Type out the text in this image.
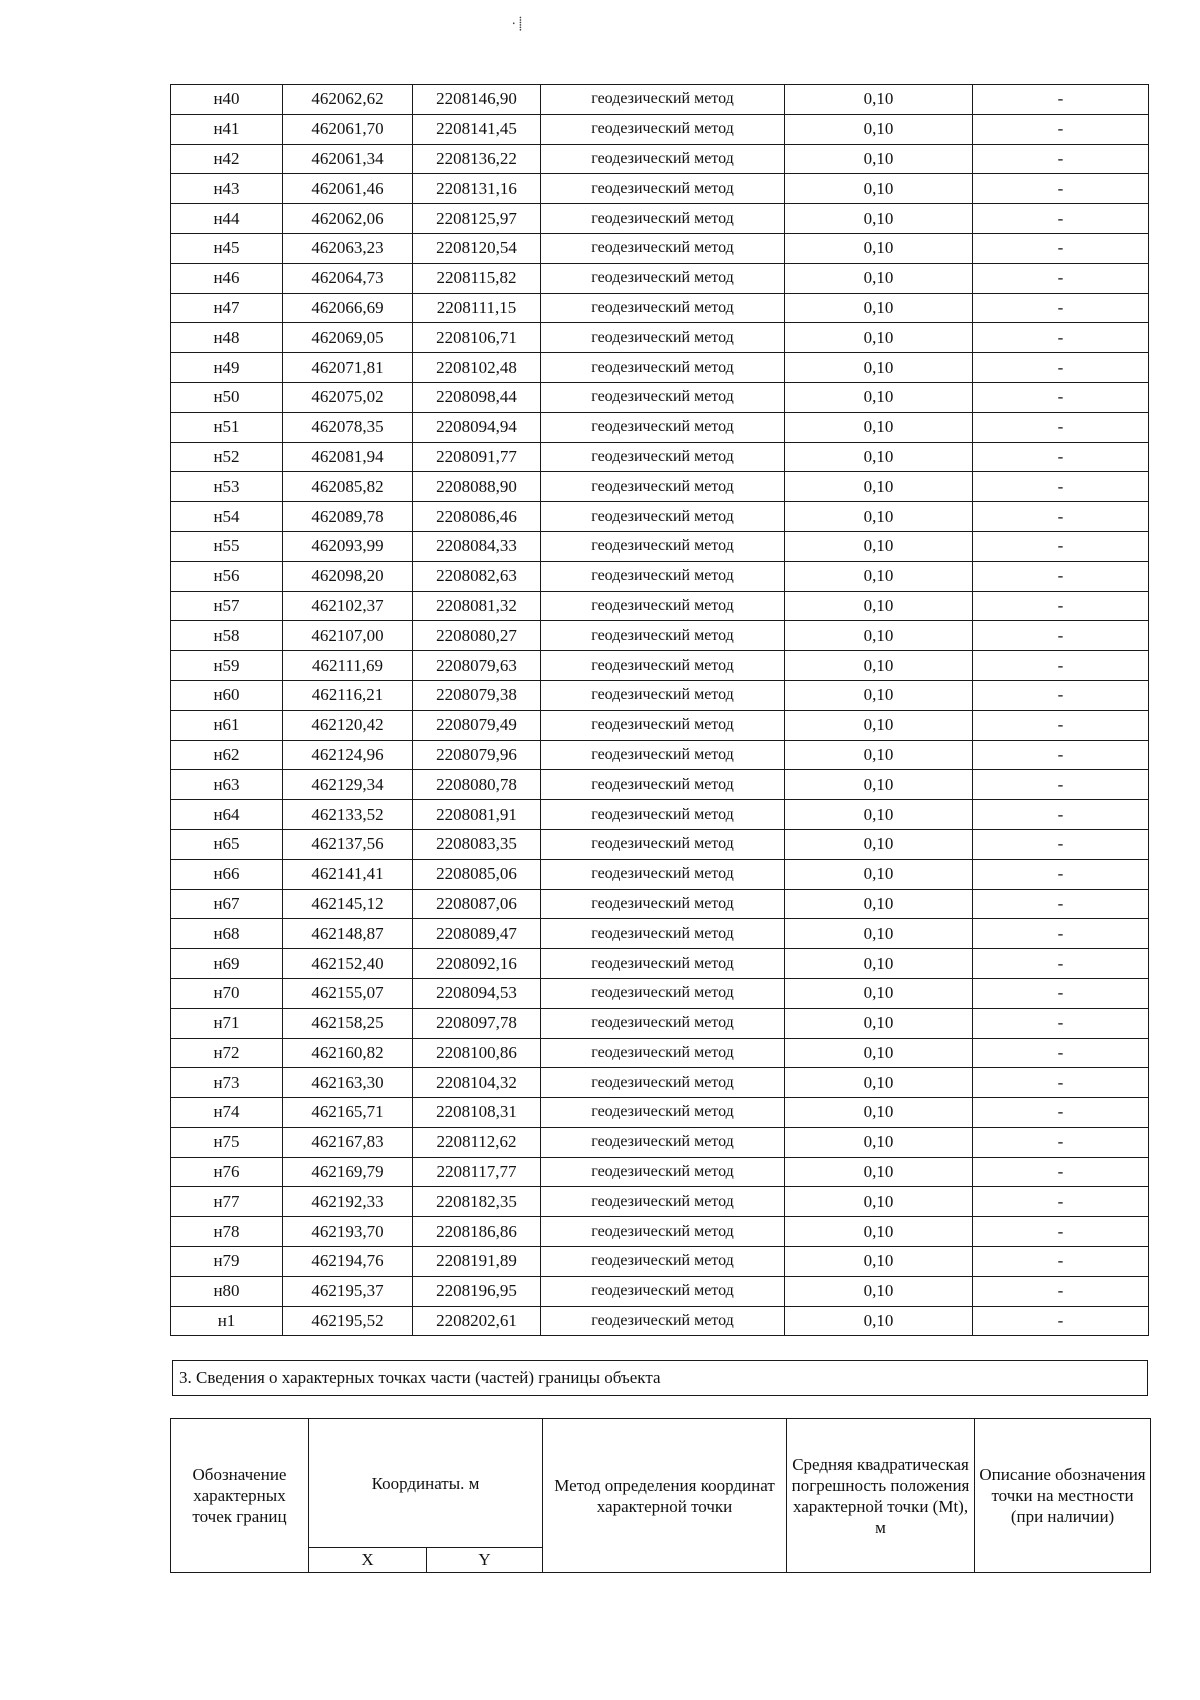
⸱ ⸽
н40	462062,62	2208146,90	геодезический метод	0,10	-
н41	462061,70	2208141,45	геодезический метод	0,10	-
н42	462061,34	2208136,22	геодезический метод	0,10	-
н43	462061,46	2208131,16	геодезический метод	0,10	-
н44	462062,06	2208125,97	геодезический метод	0,10	-
н45	462063,23	2208120,54	геодезический метод	0,10	-
н46	462064,73	2208115,82	геодезический метод	0,10	-
н47	462066,69	2208111,15	геодезический метод	0,10	-
н48	462069,05	2208106,71	геодезический метод	0,10	-
н49	462071,81	2208102,48	геодезический метод	0,10	-
н50	462075,02	2208098,44	геодезический метод	0,10	-
н51	462078,35	2208094,94	геодезический метод	0,10	-
н52	462081,94	2208091,77	геодезический метод	0,10	-
н53	462085,82	2208088,90	геодезический метод	0,10	-
н54	462089,78	2208086,46	геодезический метод	0,10	-
н55	462093,99	2208084,33	геодезический метод	0,10	-
н56	462098,20	2208082,63	геодезический метод	0,10	-
н57	462102,37	2208081,32	геодезический метод	0,10	-
н58	462107,00	2208080,27	геодезический метод	0,10	-
н59	462111,69	2208079,63	геодезический метод	0,10	-
н60	462116,21	2208079,38	геодезический метод	0,10	-
н61	462120,42	2208079,49	геодезический метод	0,10	-
н62	462124,96	2208079,96	геодезический метод	0,10	-
н63	462129,34	2208080,78	геодезический метод	0,10	-
н64	462133,52	2208081,91	геодезический метод	0,10	-
н65	462137,56	2208083,35	геодезический метод	0,10	-
н66	462141,41	2208085,06	геодезический метод	0,10	-
н67	462145,12	2208087,06	геодезический метод	0,10	-
н68	462148,87	2208089,47	геодезический метод	0,10	-
н69	462152,40	2208092,16	геодезический метод	0,10	-
н70	462155,07	2208094,53	геодезический метод	0,10	-
н71	462158,25	2208097,78	геодезический метод	0,10	-
н72	462160,82	2208100,86	геодезический метод	0,10	-
н73	462163,30	2208104,32	геодезический метод	0,10	-
н74	462165,71	2208108,31	геодезический метод	0,10	-
н75	462167,83	2208112,62	геодезический метод	0,10	-
н76	462169,79	2208117,77	геодезический метод	0,10	-
н77	462192,33	2208182,35	геодезический метод	0,10	-
н78	462193,70	2208186,86	геодезический метод	0,10	-
н79	462194,76	2208191,89	геодезический метод	0,10	-
н80	462195,37	2208196,95	геодезический метод	0,10	-
н1	462195,52	2208202,61	геодезический метод	0,10	-
3. Сведения о характерных точках части (частей) границы объекта
Обозначение характерных точек границ	Координаты. м		Метод определения координат характерной точки	Средняя квадратическая погрешность положения характерной точки (Mt), м	Описание обозначения точки на местности (при наличии)
	X	Y			
